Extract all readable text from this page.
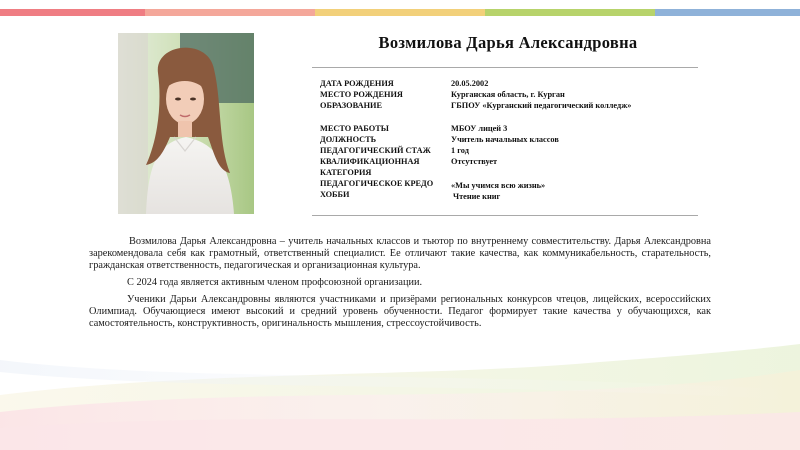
Возмилова Дарья Александровна
ДАТА РОЖДЕНИЯ	20.05.2002
МЕСТО РОЖДЕНИЯ	Курганская область, г. Курган
ОБРАЗОВАНИЕ	ГБПОУ «Курганский педагогический колледж»
МЕСТО РАБОТЫ	МБОУ лицей 3
ДОЛЖНОСТЬ	Учитель начальных классов
ПЕДАГОГИЧЕСКИЙ СТАЖ	1 год
КВАЛИФИКАЦИОННАЯ	Отсутствует
КАТЕГОРИЯ
ПЕДАГОГИЧЕСКОЕ КРЕДО	«Мы учимся всю жизнь»
ХОББИ	Чтение книг

Возмилова Дарья Александровна – учитель начальных классов и тьютор по внутреннему совместительству. Дарья Александровна зарекомендовала себя как грамотный, ответственный специалист. Ее отличают такие качества, как коммуникабельность, старательность, гражданская ответственность, педагогическая и организационная культура.

С 2024 года является активным членом профсоюзной организации.

Ученики Дарьи Александровны являются участниками и призёрами региональных конкурсов чтецов, лицейских, всероссийских Олимпиад. Обучающиеся имеют высокий и средний уровень обученности. Педагог формирует такие качества у обучающихся, как самостоятельность, конструктивность, оригинальность мышления, стрессоустойчивость.
